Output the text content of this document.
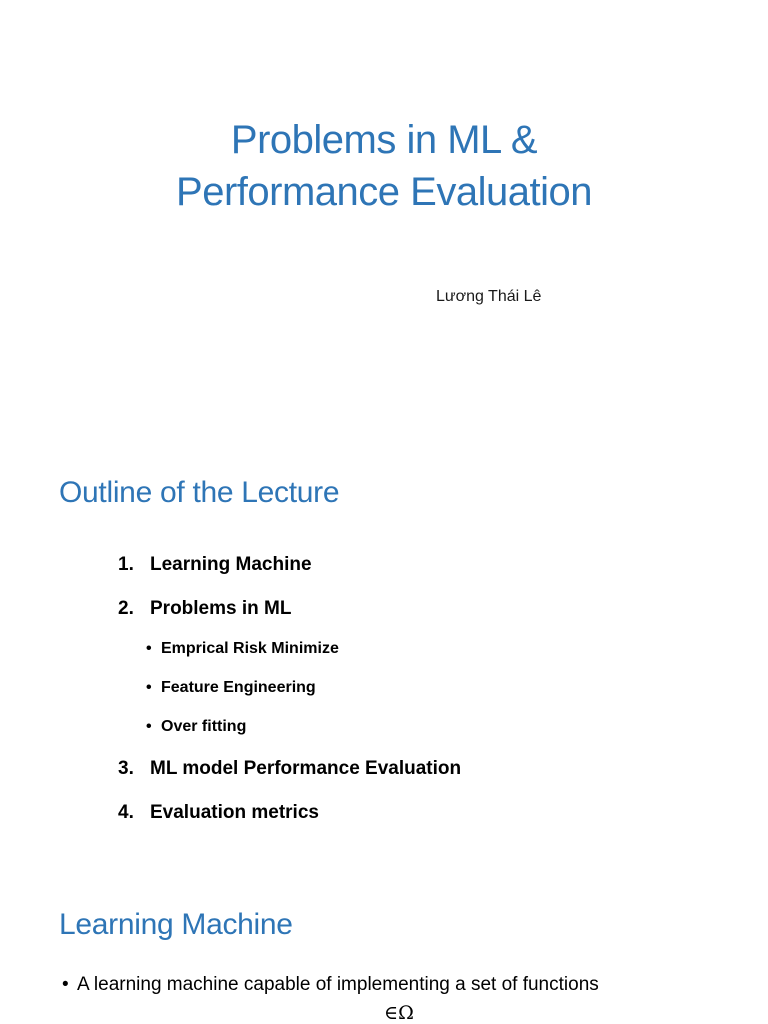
Problems in ML &
Performance Evaluation
Lương Thái Lê
Outline of the Lecture
1. Learning Machine
2. Problems in ML
• Emprical Risk Minimize
• Feature Engineering
• Over fitting
3. ML model Performance Evaluation
4. Evaluation metrics
Learning Machine
• A learning machine capable of implementing a set of functions
∈Ω
